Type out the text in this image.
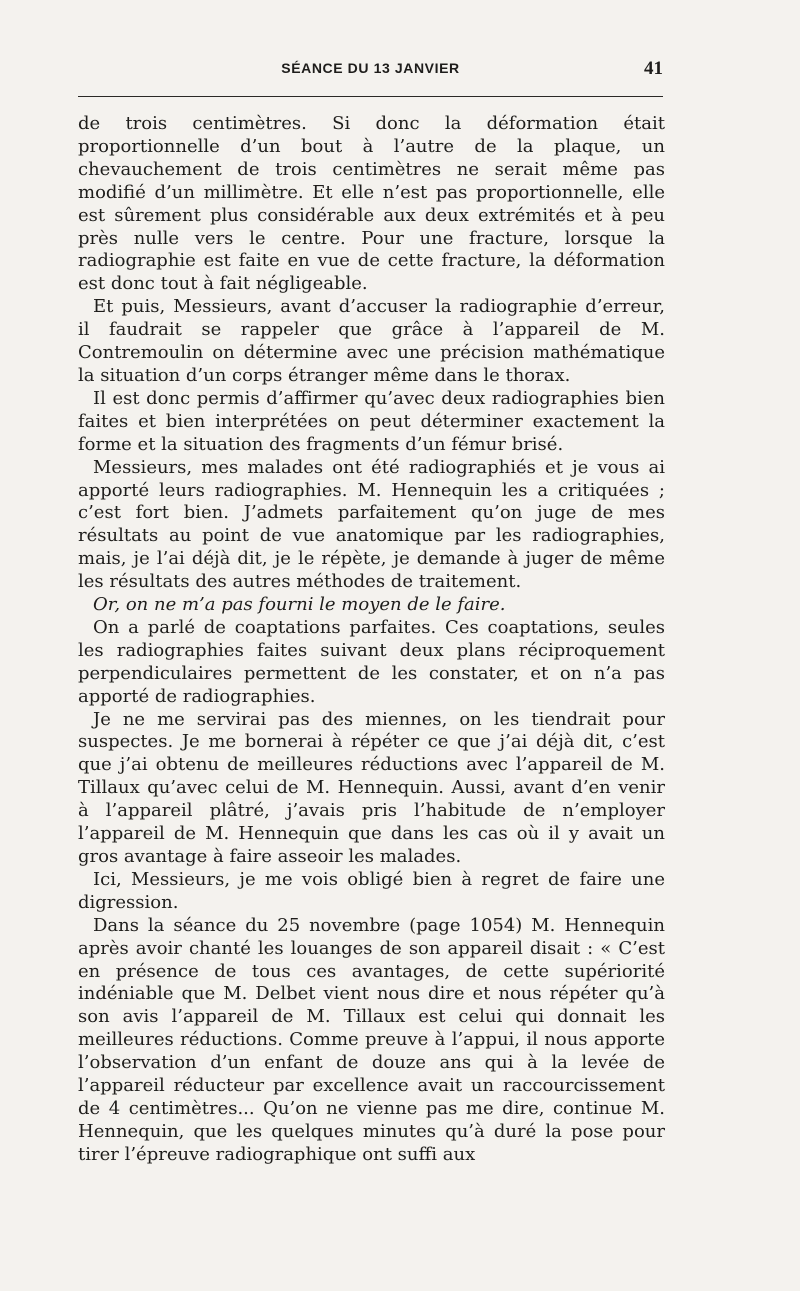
SÉANCE DU 13 JANVIER	41

de trois centimètres. Si donc la déformation était proportionnelle d’un bout à l’autre de la plaque, un chevauchement de trois centimètres ne serait même pas modifié d’un millimètre. Et elle n’est pas proportionnelle, elle est sûrement plus considérable aux deux extrémités et à peu près nulle vers le centre. Pour une fracture, lorsque la radiographie est faite en vue de cette fracture, la déformation est donc tout à fait négligeable.

Et puis, Messieurs, avant d’accuser la radiographie d’erreur, il faudrait se rappeler que grâce à l’appareil de M. Contremoulin on détermine avec une précision mathématique la situation d’un corps étranger même dans le thorax.

Il est donc permis d’affirmer qu’avec deux radiographies bien faites et bien interprétées on peut déterminer exactement la forme et la situation des fragments d’un fémur brisé.

Messieurs, mes malades ont été radiographiés et je vous ai apporté leurs radiographies. M. Hennequin les a critiquées ; c’est fort bien. J’admets parfaitement qu’on juge de mes résultats au point de vue anatomique par les radiographies, mais, je l’ai déjà dit, je le répète, je demande à juger de même les résultats des autres méthodes de traitement.

Or, on ne m’a pas fourni le moyen de le faire.

On a parlé de coaptations parfaites. Ces coaptations, seules les radiographies faites suivant deux plans réciproquement perpendiculaires permettent de les constater, et on n’a pas apporté de radiographies.

Je ne me servirai pas des miennes, on les tiendrait pour suspectes. Je me bornerai à répéter ce que j’ai déjà dit, c’est que j’ai obtenu de meilleures réductions avec l’appareil de M. Tillaux qu’avec celui de M. Hennequin. Aussi, avant d’en venir à l’appareil plâtré, j’avais pris l’habitude de n’employer l’appareil de M. Hennequin que dans les cas où il y avait un gros avantage à faire asseoir les malades.

Ici, Messieurs, je me vois obligé bien à regret de faire une digression.

Dans la séance du 25 novembre (page 1054) M. Hennequin après avoir chanté les louanges de son appareil disait : « C’est en présence de tous ces avantages, de cette supériorité indéniable que M. Delbet vient nous dire et nous répéter qu’à son avis l’appareil de M. Tillaux est celui qui donnait les meilleures réductions. Comme preuve à l’appui, il nous apporte l’observation d’un enfant de douze ans qui à la levée de l’appareil réducteur par excellence avait un raccourcissement de 4 centimètres... Qu’on ne vienne pas me dire, continue M. Hennequin, que les quelques minutes qu’à duré la pose pour tirer l’épreuve radiographique ont suffi aux
